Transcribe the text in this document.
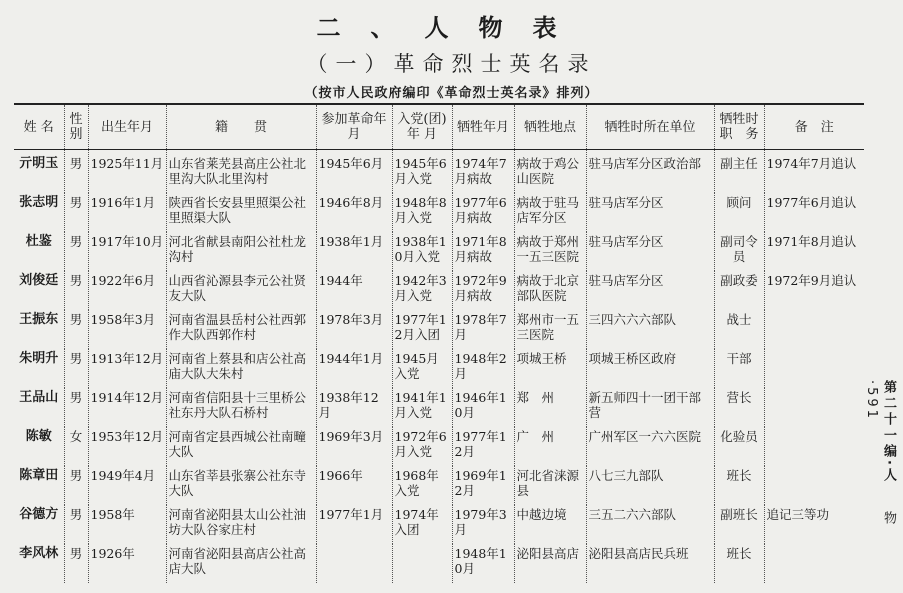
二、人物表
（一）革命烈士英名录
（按市人民政府编印《革命烈士英名录》排列）
姓 名	性别	出生年月	籍　　贯	参加革命年　月	入党(团)年 月	牺牲年月	牺牲地点	牺牲时所在单位	牺牲时职　务	备　注
亓明玉	男	1925年11月	山东省莱芜县高庄公社北里沟大队北里沟村	1945年6月	1945年6月入党	1974年7月病故	病故于鸡公山医院	驻马店军分区政治部	副主任	1974年7月追认
张志明	男	1916年1月	陕西省长安县里照渠公社里照渠大队	1946年8月	1948年8月入党	1977年6月病故	病故于驻马店军分区	驻马店军分区	顾问	1977年6月追认
杜鉴	男	1917年10月	河北省献县南阳公社杜龙沟村	1938年1月	1938年10月入党	1971年8月病故	病故于郑州一五三医院	驻马店军分区	副司令员	1971年8月追认
刘俊廷	男	1922年6月	山西省沁源县李元公社贤友大队	1944年	1942年3月入党	1972年9月病故	病故于北京部队医院	驻马店军分区	副政委	1972年9月追认
王振东	男	1958年3月	河南省温县岳村公社西郭作大队西郭作村	1978年3月	1977年12月入团	1978年7月	郑州市一五三医院	三四六六六部队	战士	
朱明升	男	1913年12月	河南省上蔡县和店公社高庙大队大朱村	1944年1月	1945月入党	1948年2月	项城王桥	项城王桥区政府	干部	
王品山	男	1914年12月	河南省信阳县十三里桥公社东丹大队石桥村	1938年12月	1941年1月入党	1946年10月	郑　州	新五师四十一团干部营	营长	
陈敏	女	1953年12月	河南省定县西城公社南疃大队	1969年3月	1972年6月入党	1977年12月	广　州	广州军区一六六医院	化验员	
陈章田	男	1949年4月	山东省莘县张寨公社东寺大队	1966年	1968年入党	1969年12月	河北省涞源县	八七三九部队	班长	
谷德方	男	1958年	河南省泌阳县太山公社油坊大队谷家庄村	1977年1月	1974年入团	1979年3月	中越边境	三五二六六部队	副班长	追记三等功
李风林	男	1926年	河南省泌阳县高店公社高店大队			1948年10月	泌阳县高店	泌阳县高店民兵班	班长	
第二十一编·人 物·591
